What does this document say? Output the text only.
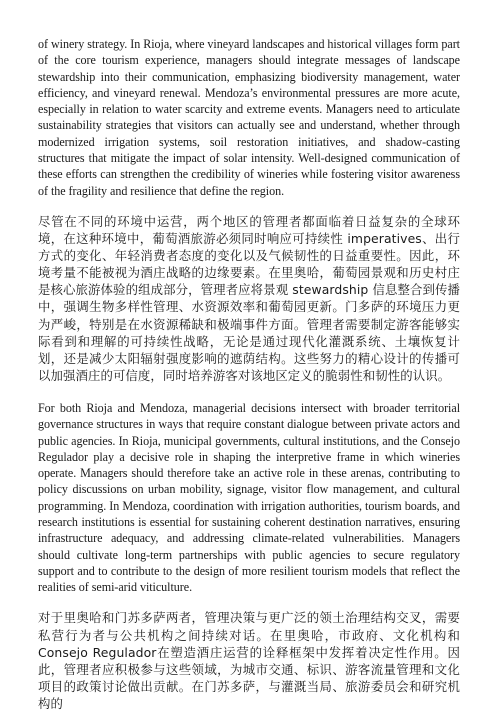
of winery strategy. In Rioja, where vineyard landscapes and historical villages form part of the core tourism experience, managers should integrate messages of landscape stewardship into their communication, emphasizing biodiversity management, water efficiency, and vineyard renewal. Mendoza’s environmental pressures are more acute, especially in relation to water scarcity and extreme events. Managers need to articulate sustainability strategies that visitors can actually see and understand, whether through modernized irrigation systems, soil restoration initiatives, and shadow-casting structures that mitigate the impact of solar intensity. Well-designed communication of these efforts can strengthen the credibility of wineries while fostering visitor awareness of the fragility and resilience that define the region.

尽管在不同的环境中运营，两个地区的管理者都面临着日益复杂的全球环境，在这种环境中，葡萄酒旅游必须同时响应可持续性 imperatives、出行方式的变化、年轻消费者态度的变化以及气候韧性的日益重要性。因此，环境考量不能被视为酒庄战略的边缘要素。在里奥哈，葡萄园景观和历史村庄是核心旅游体验的组成部分，管理者应将景观 stewardship 信息整合到传播中，强调生物多样性管理、水资源效率和葡萄园更新。门多萨的环境压力更为严峻，特别是在水资源稀缺和极端事件方面。管理者需要制定游客能够实际看到和理解的可持续性战略，无论是通过现代化灌溉系统、土壤恢复计划，还是减少太阳辐射强度影响的遮荫结构。这些努力的精心设计的传播可以加强酒庄的可信度，同时培养游客对该地区定义的脆弱性和韧性的认识。

For both Rioja and Mendoza, managerial decisions intersect with broader territorial governance structures in ways that require constant dialogue between private actors and public agencies. In Rioja, municipal governments, cultural institutions, and the Consejo Regulador play a decisive role in shaping the interpretive frame in which wineries operate. Managers should therefore take an active role in these arenas, contributing to policy discussions on urban mobility, signage, visitor flow management, and cultural programming. In Mendoza, coordination with irrigation authorities, tourism boards, and research institutions is essential for sustaining coherent destination narratives, ensuring infrastructure adequacy, and addressing climate-related vulnerabilities. Managers should cultivate long-term partnerships with public agencies to secure regulatory support and to contribute to the design of more resilient tourism models that reflect the realities of semi-arid viticulture.

对于里奥哈和门苏多萨两者，管理决策与更广泛的领土治理结构交叉，需要私营行为者与公共机构之间持续对话。在里奥哈，市政府、文化机构和Consejo Regulador在塑造酒庄运营的诠释框架中发挥着决定性作用。因此，管理者应积极参与这些领域，为城市交通、标识、游客流量管理和文化项目的政策讨论做出贡献。在门苏多萨，与灌溉当局、旅游委员会和研究机构的
